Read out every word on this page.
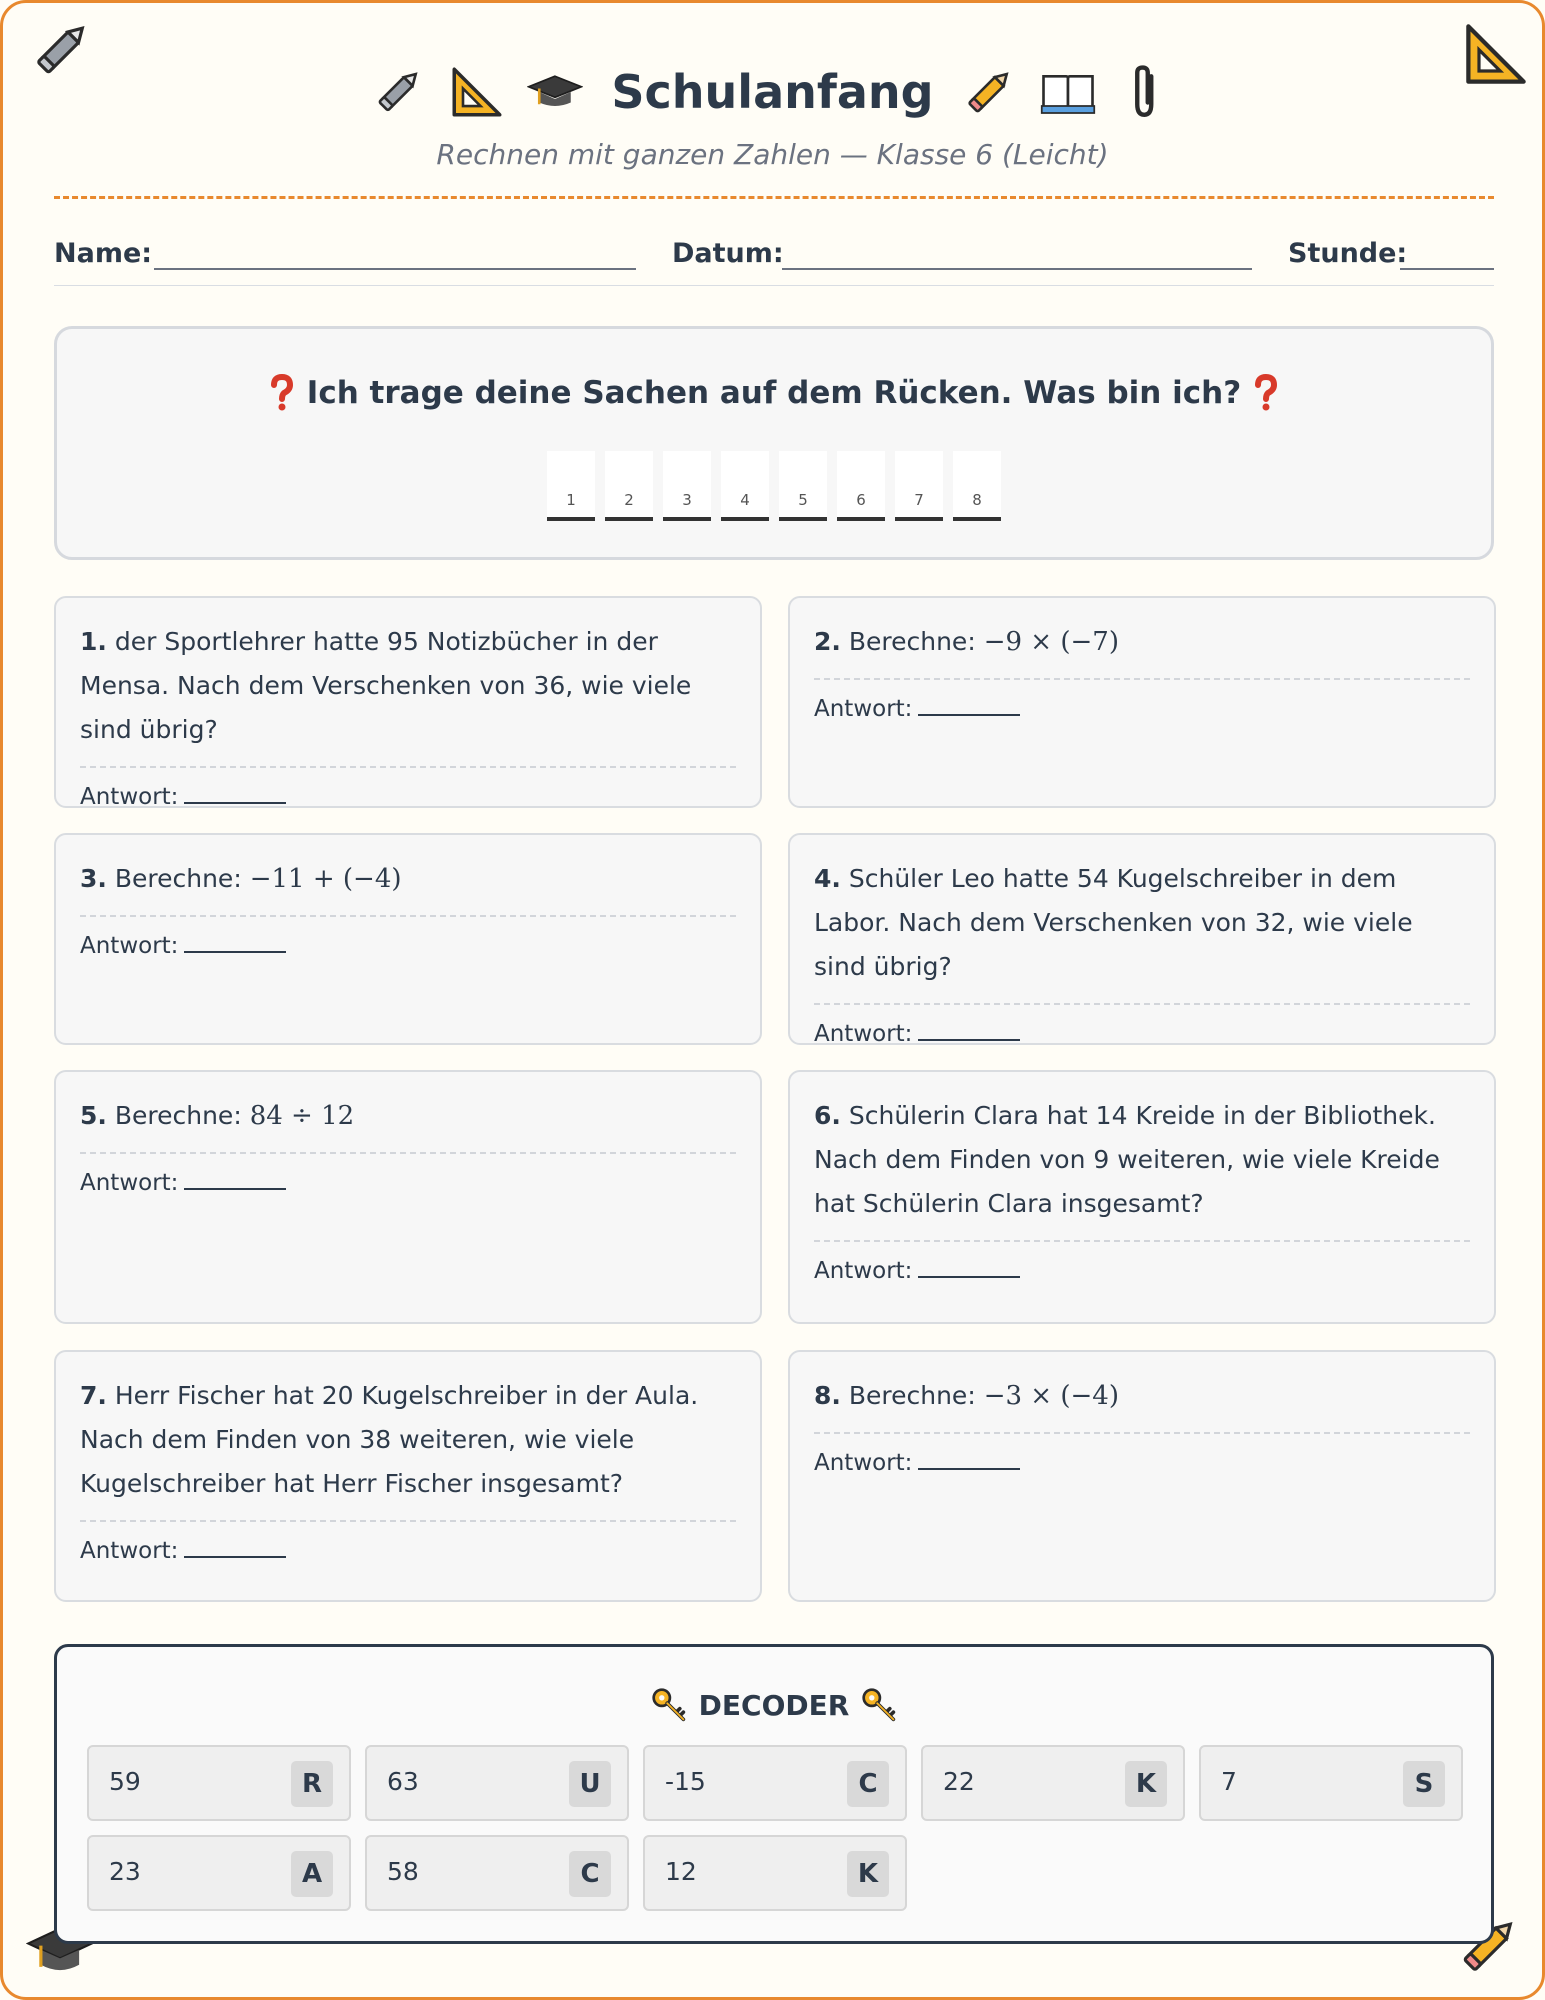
Schulanfang
Rechnen mit ganzen Zahlen — Klasse 6 (Leicht)
Name:	Datum:	Stunde:
Ich trage deine Sachen auf dem Rücken. Was bin ich?
1	2	3	4	5	6	7	8
1. der Sportlehrer hatte 95 Notizbücher in der Mensa. Nach dem Verschenken von 36, wie viele sind übrig?
Antwort:
2. Berechne: −9 × (−7)
Antwort:
3. Berechne: −11 + (−4)
Antwort:
4. Schüler Leo hatte 54 Kugelschreiber in dem Labor. Nach dem Verschenken von 32, wie viele sind übrig?
Antwort:
5. Berechne: 84 ÷ 12
Antwort:
6. Schülerin Clara hat 14 Kreide in der Bibliothek. Nach dem Finden von 9 weiteren, wie viele Kreide hat Schülerin Clara insgesamt?
Antwort:
7. Herr Fischer hat 20 Kugelschreiber in der Aula. Nach dem Finden von 38 weiteren, wie viele Kugelschreiber hat Herr Fischer insgesamt?
Antwort:
8. Berechne: −3 × (−4)
Antwort:
DECODER
59	R	63	U	-15	C	22	K	7	S
23	A	58	C	12	K
